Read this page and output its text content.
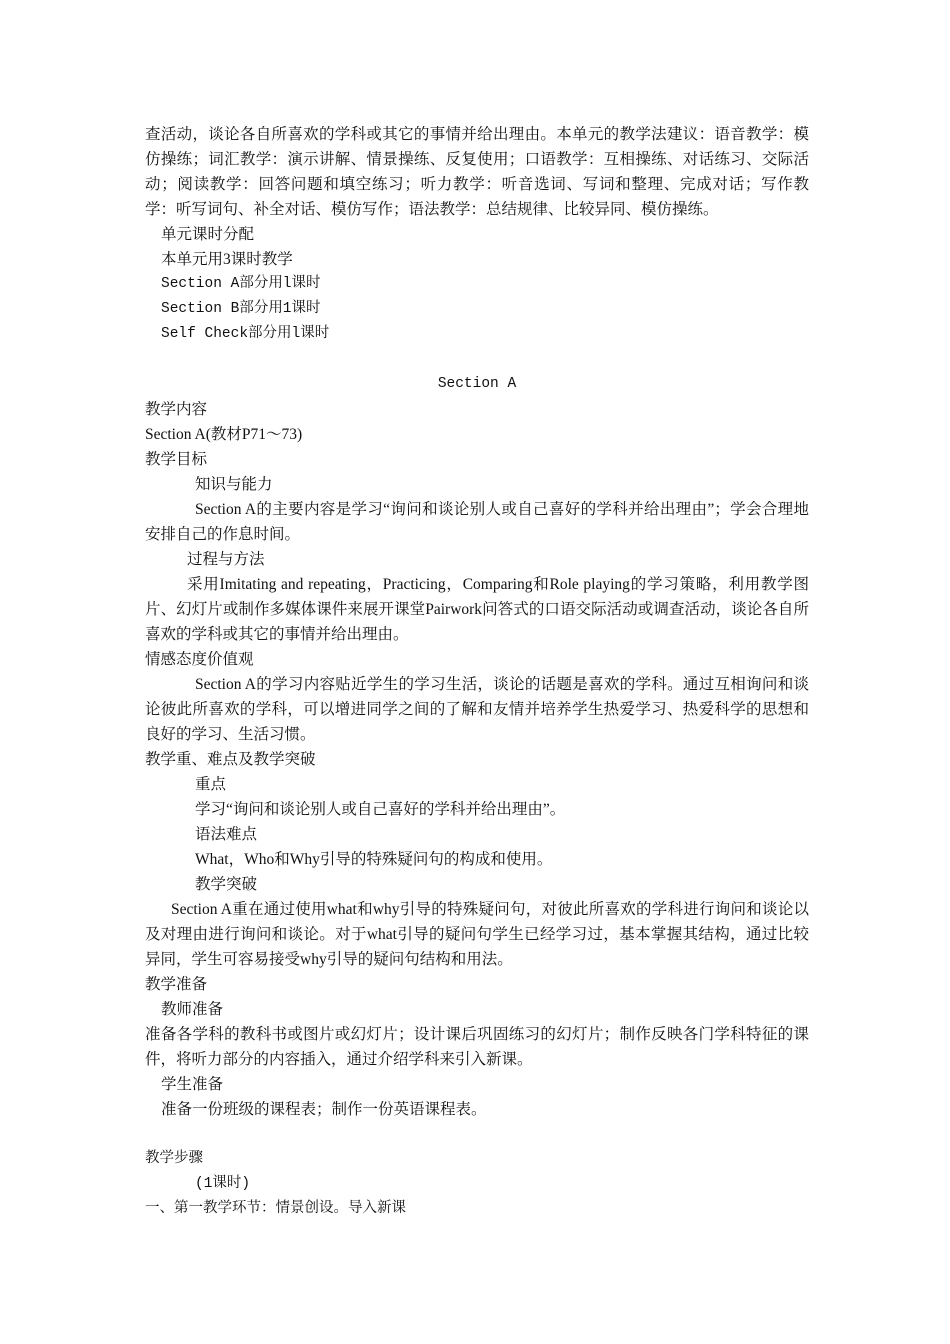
查活动，谈论各自所喜欢的学科或其它的事情并给出理由。本单元的教学法建议：语音教学：模仿操练；词汇教学：演示讲解、情景操练、反复使用；口语教学：互相操练、对话练习、交际活动；阅读教学：回答问题和填空练习；听力教学：听音选词、写词和整理、完成对话；写作教学：听写词句、补全对话、模仿写作；语法教学：总结规律、比较异同、模仿操练。

单元课时分配

本单元用3课时教学

Section A部分用l课时

Section B部分用1课时

Self Check部分用l课时

Section A

教学内容

Section A(教材P71～73)

教学目标

知识与能力

Section A的主要内容是学习“询问和谈论别人或自己喜好的学科并给出理由”；学会合理地安排自己的作息时间。

过程与方法

采用Imitating and repeating，Practicing，Comparing和Role playing的学习策略，利用教学图片、幻灯片或制作多媒体课件来展开课堂Pairwork问答式的口语交际活动或调查活动，谈论各自所喜欢的学科或其它的事情并给出理由。

情感态度价值观

Section A的学习内容贴近学生的学习生活，谈论的话题是喜欢的学科。通过互相询问和谈论彼此所喜欢的学科，可以增进同学之间的了解和友情并培养学生热爱学习、热爱科学的思想和良好的学习、生活习惯。

教学重、难点及教学突破

重点

学习“询问和谈论别人或自己喜好的学科并给出理由”。

语法难点

What，Who和Why引导的特殊疑问句的构成和使用。

教学突破

Section A重在通过使用what和why引导的特殊疑问句，对彼此所喜欢的学科进行询问和谈论以及对理由进行询问和谈论。对于what引导的疑问句学生已经学习过，基本掌握其结构，通过比较异同，学生可容易接受why引导的疑问句结构和用法。

教学准备

教师准备

准备各学科的教科书或图片或幻灯片；设计课后巩固练习的幻灯片；制作反映各门学科特征的课件，将听力部分的内容插入，通过介绍学科来引入新课。

学生准备

准备一份班级的课程表；制作一份英语课程表。

教学步骤

(1课时)

一、第一教学环节：情景创设。导入新课
